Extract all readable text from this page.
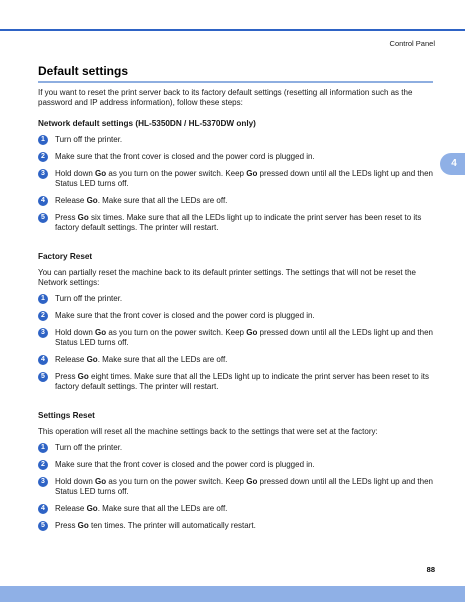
Control Panel
Default settings
4

If you want to reset the print server back to its factory default settings (resetting all information such as the password and IP address information), follow these steps:

Network default settings (HL-5350DN / HL-5370DW only)

1	Turn off the printer.
2	Make sure that the front cover is closed and the power cord is plugged in.
3	Hold down Go as you turn on the power switch. Keep Go pressed down until all the LEDs light up and then Status LED turns off.
4	Release Go. Make sure that all the LEDs are off.
5	Press Go six times. Make sure that all the LEDs light up to indicate the print server has been reset to its factory default settings. The printer will restart.

Factory Reset

You can partially reset the machine back to its default printer settings. The settings that will not be reset the Network settings:

1	Turn off the printer.
2	Make sure that the front cover is closed and the power cord is plugged in.
3	Hold down Go as you turn on the power switch. Keep Go pressed down until all the LEDs light up and then Status LED turns off.
4	Release Go. Make sure that all the LEDs are off.
5	Press Go eight times. Make sure that all the LEDs light up to indicate the print server has been reset to its factory default settings. The printer will restart.

Settings Reset

This operation will reset all the machine settings back to the settings that were set at the factory:

1	Turn off the printer.
2	Make sure that the front cover is closed and the power cord is plugged in.
3	Hold down Go as you turn on the power switch. Keep Go pressed down until all the LEDs light up and then Status LED turns off.
4	Release Go. Make sure that all the LEDs are off.
5	Press Go ten times. The printer will automatically restart.
88
